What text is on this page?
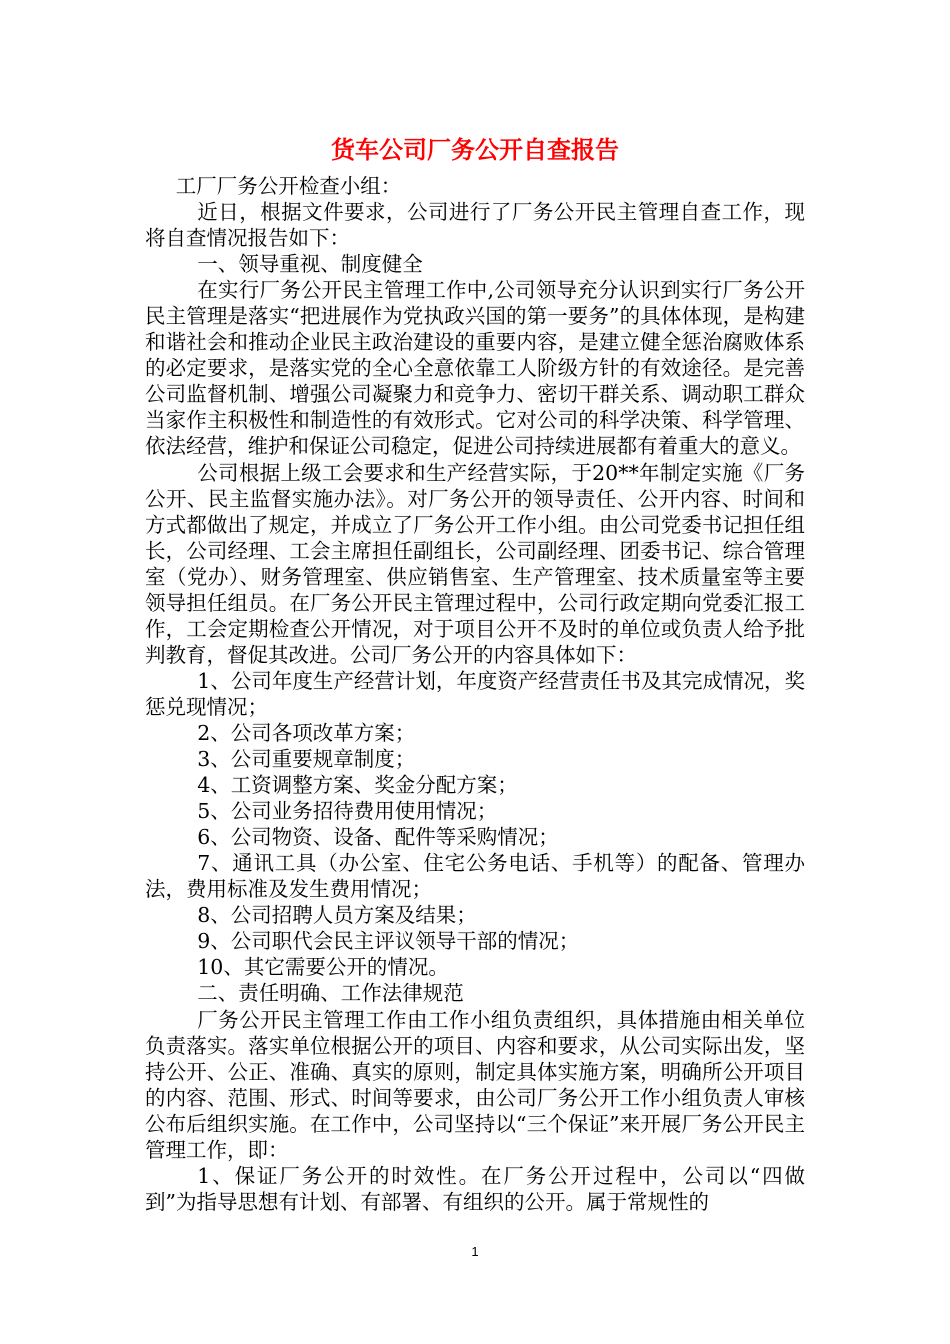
货车公司厂务公开自查报告

工厂厂务公开检查小组：

近日，根据文件要求，公司进行了厂务公开民主管理自查工作，现将自查情况报告如下：

一、领导重视、制度健全

在实行厂务公开民主管理工作中,公司领导充分认识到实行厂务公开民主管理是落实“把进展作为党执政兴国的第一要务”的具体体现，是构建和谐社会和推动企业民主政治建设的重要内容，是建立健全惩治腐败体系的必定要求，是落实党的全心全意依靠工人阶级方针的有效途径。是完善公司监督机制、增强公司凝聚力和竞争力、密切干群关系、调动职工群众当家作主积极性和制造性的有效形式。它对公司的科学决策、科学管理、依法经营，维护和保证公司稳定，促进公司持续进展都有着重大的意义。

公司根据上级工会要求和生产经营实际，于20**年制定实施《厂务公开、民主监督实施办法》。对厂务公开的领导责任、公开内容、时间和方式都做出了规定，并成立了厂务公开工作小组。由公司党委书记担任组长，公司经理、工会主席担任副组长，公司副经理、团委书记、综合管理室（党办）、财务管理室、供应销售室、生产管理室、技术质量室等主要领导担任组员。在厂务公开民主管理过程中，公司行政定期向党委汇报工作，工会定期检查公开情况，对于项目公开不及时的单位或负责人给予批判教育，督促其改进。公司厂务公开的内容具体如下：

1、公司年度生产经营计划，年度资产经营责任书及其完成情况，奖惩兑现情况；

2、公司各项改革方案；

3、公司重要规章制度；

4、工资调整方案、奖金分配方案；

5、公司业务招待费用使用情况；

6、公司物资、设备、配件等采购情况；

7、通讯工具（办公室、住宅公务电话、手机等）的配备、管理办法，费用标准及发生费用情况；

8、公司招聘人员方案及结果；

9、公司职代会民主评议领导干部的情况；

10、其它需要公开的情况。

二、责任明确、工作法律规范

厂务公开民主管理工作由工作小组负责组织，具体措施由相关单位负责落实。落实单位根据公开的项目、内容和要求，从公司实际出发，坚持公开、公正、准确、真实的原则，制定具体实施方案，明确所公开项目的内容、范围、形式、时间等要求，由公司厂务公开工作小组负责人审核公布后组织实施。在工作中，公司坚持以“三个保证”来开展厂务公开民主管理工作，即：

1、保证厂务公开的时效性。在厂务公开过程中，公司以“四做到”为指导思想有计划、有部署、有组织的公开。属于常规性的

1
